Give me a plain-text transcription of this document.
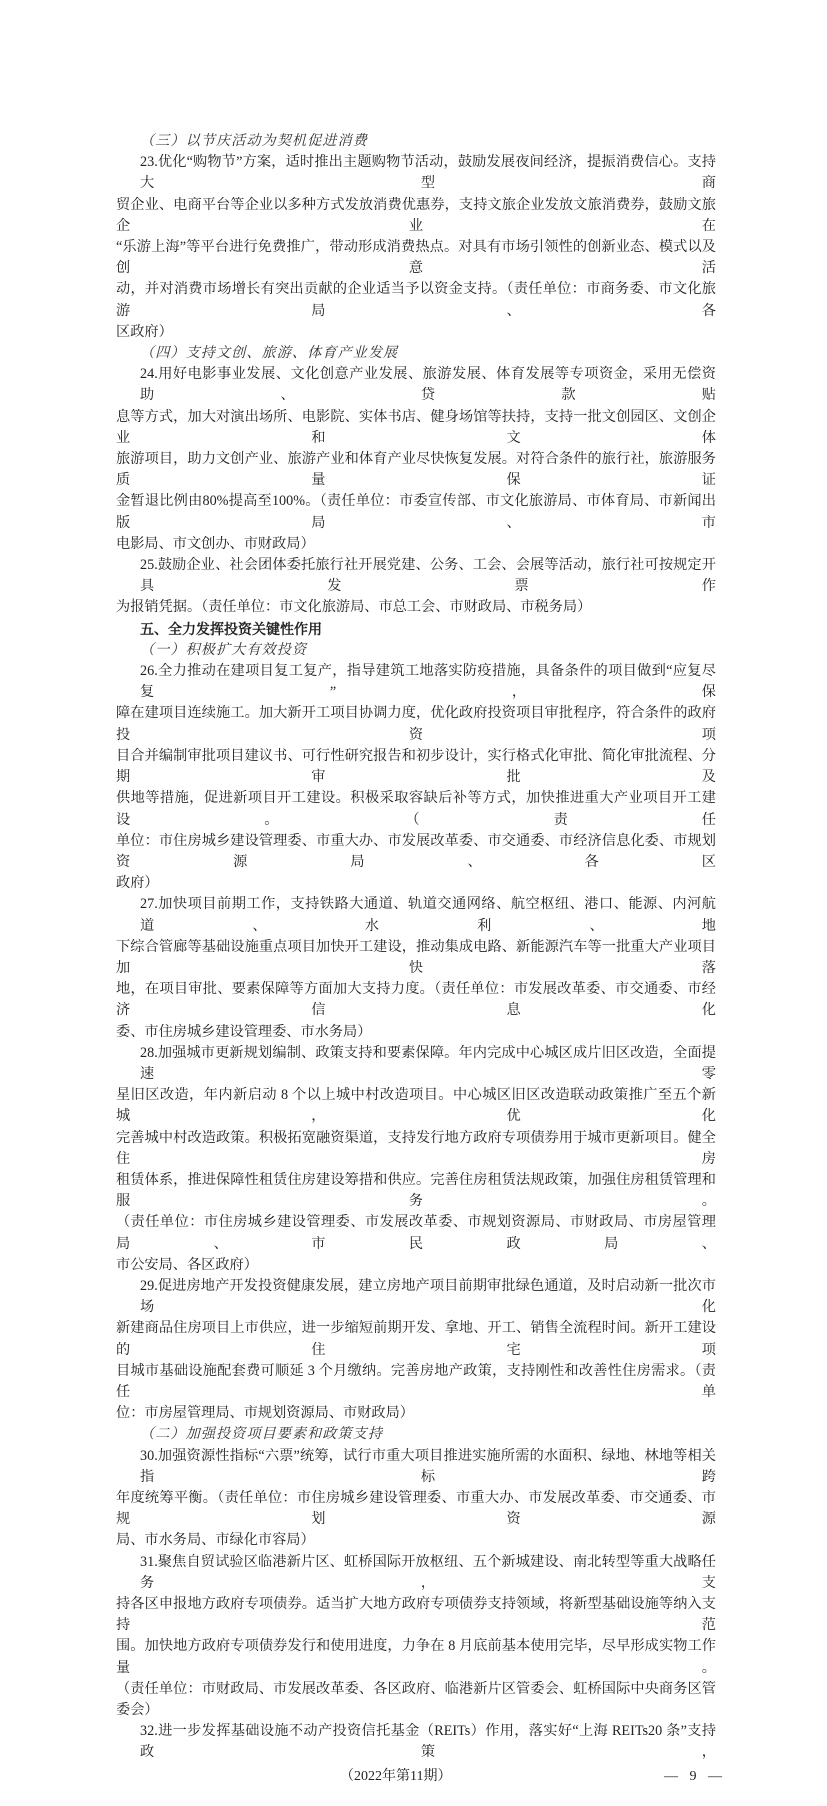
（三）以节庆活动为契机促进消费
23.优化“购物节”方案，适时推出主题购物节活动，鼓励发展夜间经济，提振消费信心。支持大型商
贸企业、电商平台等企业以多种方式发放消费优惠券，支持文旅企业发放文旅消费券，鼓励文旅企业在
“乐游上海”等平台进行免费推广，带动形成消费热点。对具有市场引领性的创新业态、模式以及创意活
动，并对消费市场增长有突出贡献的企业适当予以资金支持。（责任单位：市商务委、市文化旅游局、各
区政府）
（四）支持文创、旅游、体育产业发展
24.用好电影事业发展、文化创意产业发展、旅游发展、体育发展等专项资金，采用无偿资助、贷款贴
息等方式，加大对演出场所、电影院、实体书店、健身场馆等扶持，支持一批文创园区、文创企业和文体
旅游项目，助力文创产业、旅游产业和体育产业尽快恢复发展。对符合条件的旅行社，旅游服务质量保证
金暂退比例由80%提高至100%。（责任单位：市委宣传部、市文化旅游局、市体育局、市新闻出版局、市
电影局、市文创办、市财政局）
25.鼓励企业、社会团体委托旅行社开展党建、公务、工会、会展等活动，旅行社可按规定开具发票作
为报销凭据。（责任单位：市文化旅游局、市总工会、市财政局、市税务局）
五、全力发挥投资关键性作用
（一）积极扩大有效投资
26.全力推动在建项目复工复产，指导建筑工地落实防疫措施，具备条件的项目做到“应复尽复”，保
障在建项目连续施工。加大新开工项目协调力度，优化政府投资项目审批程序，符合条件的政府投资项
目合并编制审批项目建议书、可行性研究报告和初步设计，实行格式化审批、简化审批流程、分期审批及
供地等措施，促进新项目开工建设。积极采取容缺后补等方式，加快推进重大产业项目开工建设。（责任
单位：市住房城乡建设管理委、市重大办、市发展改革委、市交通委、市经济信息化委、市规划资源局、各区
政府）
27.加快项目前期工作，支持铁路大通道、轨道交通网络、航空枢纽、港口、能源、内河航道、水利、地
下综合管廊等基础设施重点项目加快开工建设，推动集成电路、新能源汽车等一批重大产业项目加快落
地，在项目审批、要素保障等方面加大支持力度。（责任单位：市发展改革委、市交通委、市经济信息化
委、市住房城乡建设管理委、市水务局）
28.加强城市更新规划编制、政策支持和要素保障。年内完成中心城区成片旧区改造，全面提速零
星旧区改造，年内新启动 8 个以上城中村改造项目。中心城区旧区改造联动政策推广至五个新城，优化
完善城中村改造政策。积极拓宽融资渠道，支持发行地方政府专项债券用于城市更新项目。健全住房
租赁体系，推进保障性租赁住房建设筹措和供应。完善住房租赁法规政策，加强住房租赁管理和服务。
（责任单位：市住房城乡建设管理委、市发展改革委、市规划资源局、市财政局、市房屋管理局、市民政局、
市公安局、各区政府）
29.促进房地产开发投资健康发展，建立房地产项目前期审批绿色通道，及时启动新一批次市场化
新建商品住房项目上市供应，进一步缩短前期开发、拿地、开工、销售全流程时间。新开工建设的住宅项
目城市基础设施配套费可顺延 3 个月缴纳。完善房地产政策，支持刚性和改善性住房需求。（责任单
位：市房屋管理局、市规划资源局、市财政局）
（二）加强投资项目要素和政策支持
30.加强资源性指标“六票”统筹，试行市重大项目推进实施所需的水面积、绿地、林地等相关指标跨
年度统筹平衡。（责任单位：市住房城乡建设管理委、市重大办、市发展改革委、市交通委、市规划资源
局、市水务局、市绿化市容局）
31.聚焦自贸试验区临港新片区、虹桥国际开放枢纽、五个新城建设、南北转型等重大战略任务，支
持各区申报地方政府专项债券。适当扩大地方政府专项债券支持领域，将新型基础设施等纳入支持范
围。加快地方政府专项债券发行和使用进度，力争在 8 月底前基本使用完毕，尽早形成实物工作量。
（责任单位：市财政局、市发展改革委、各区政府、临港新片区管委会、虹桥国际中央商务区管委会）
32.进一步发挥基础设施不动产投资信托基金（REITs）作用，落实好“上海 REITs20 条”支持政策，
（2022年第11期）	— 9 —
